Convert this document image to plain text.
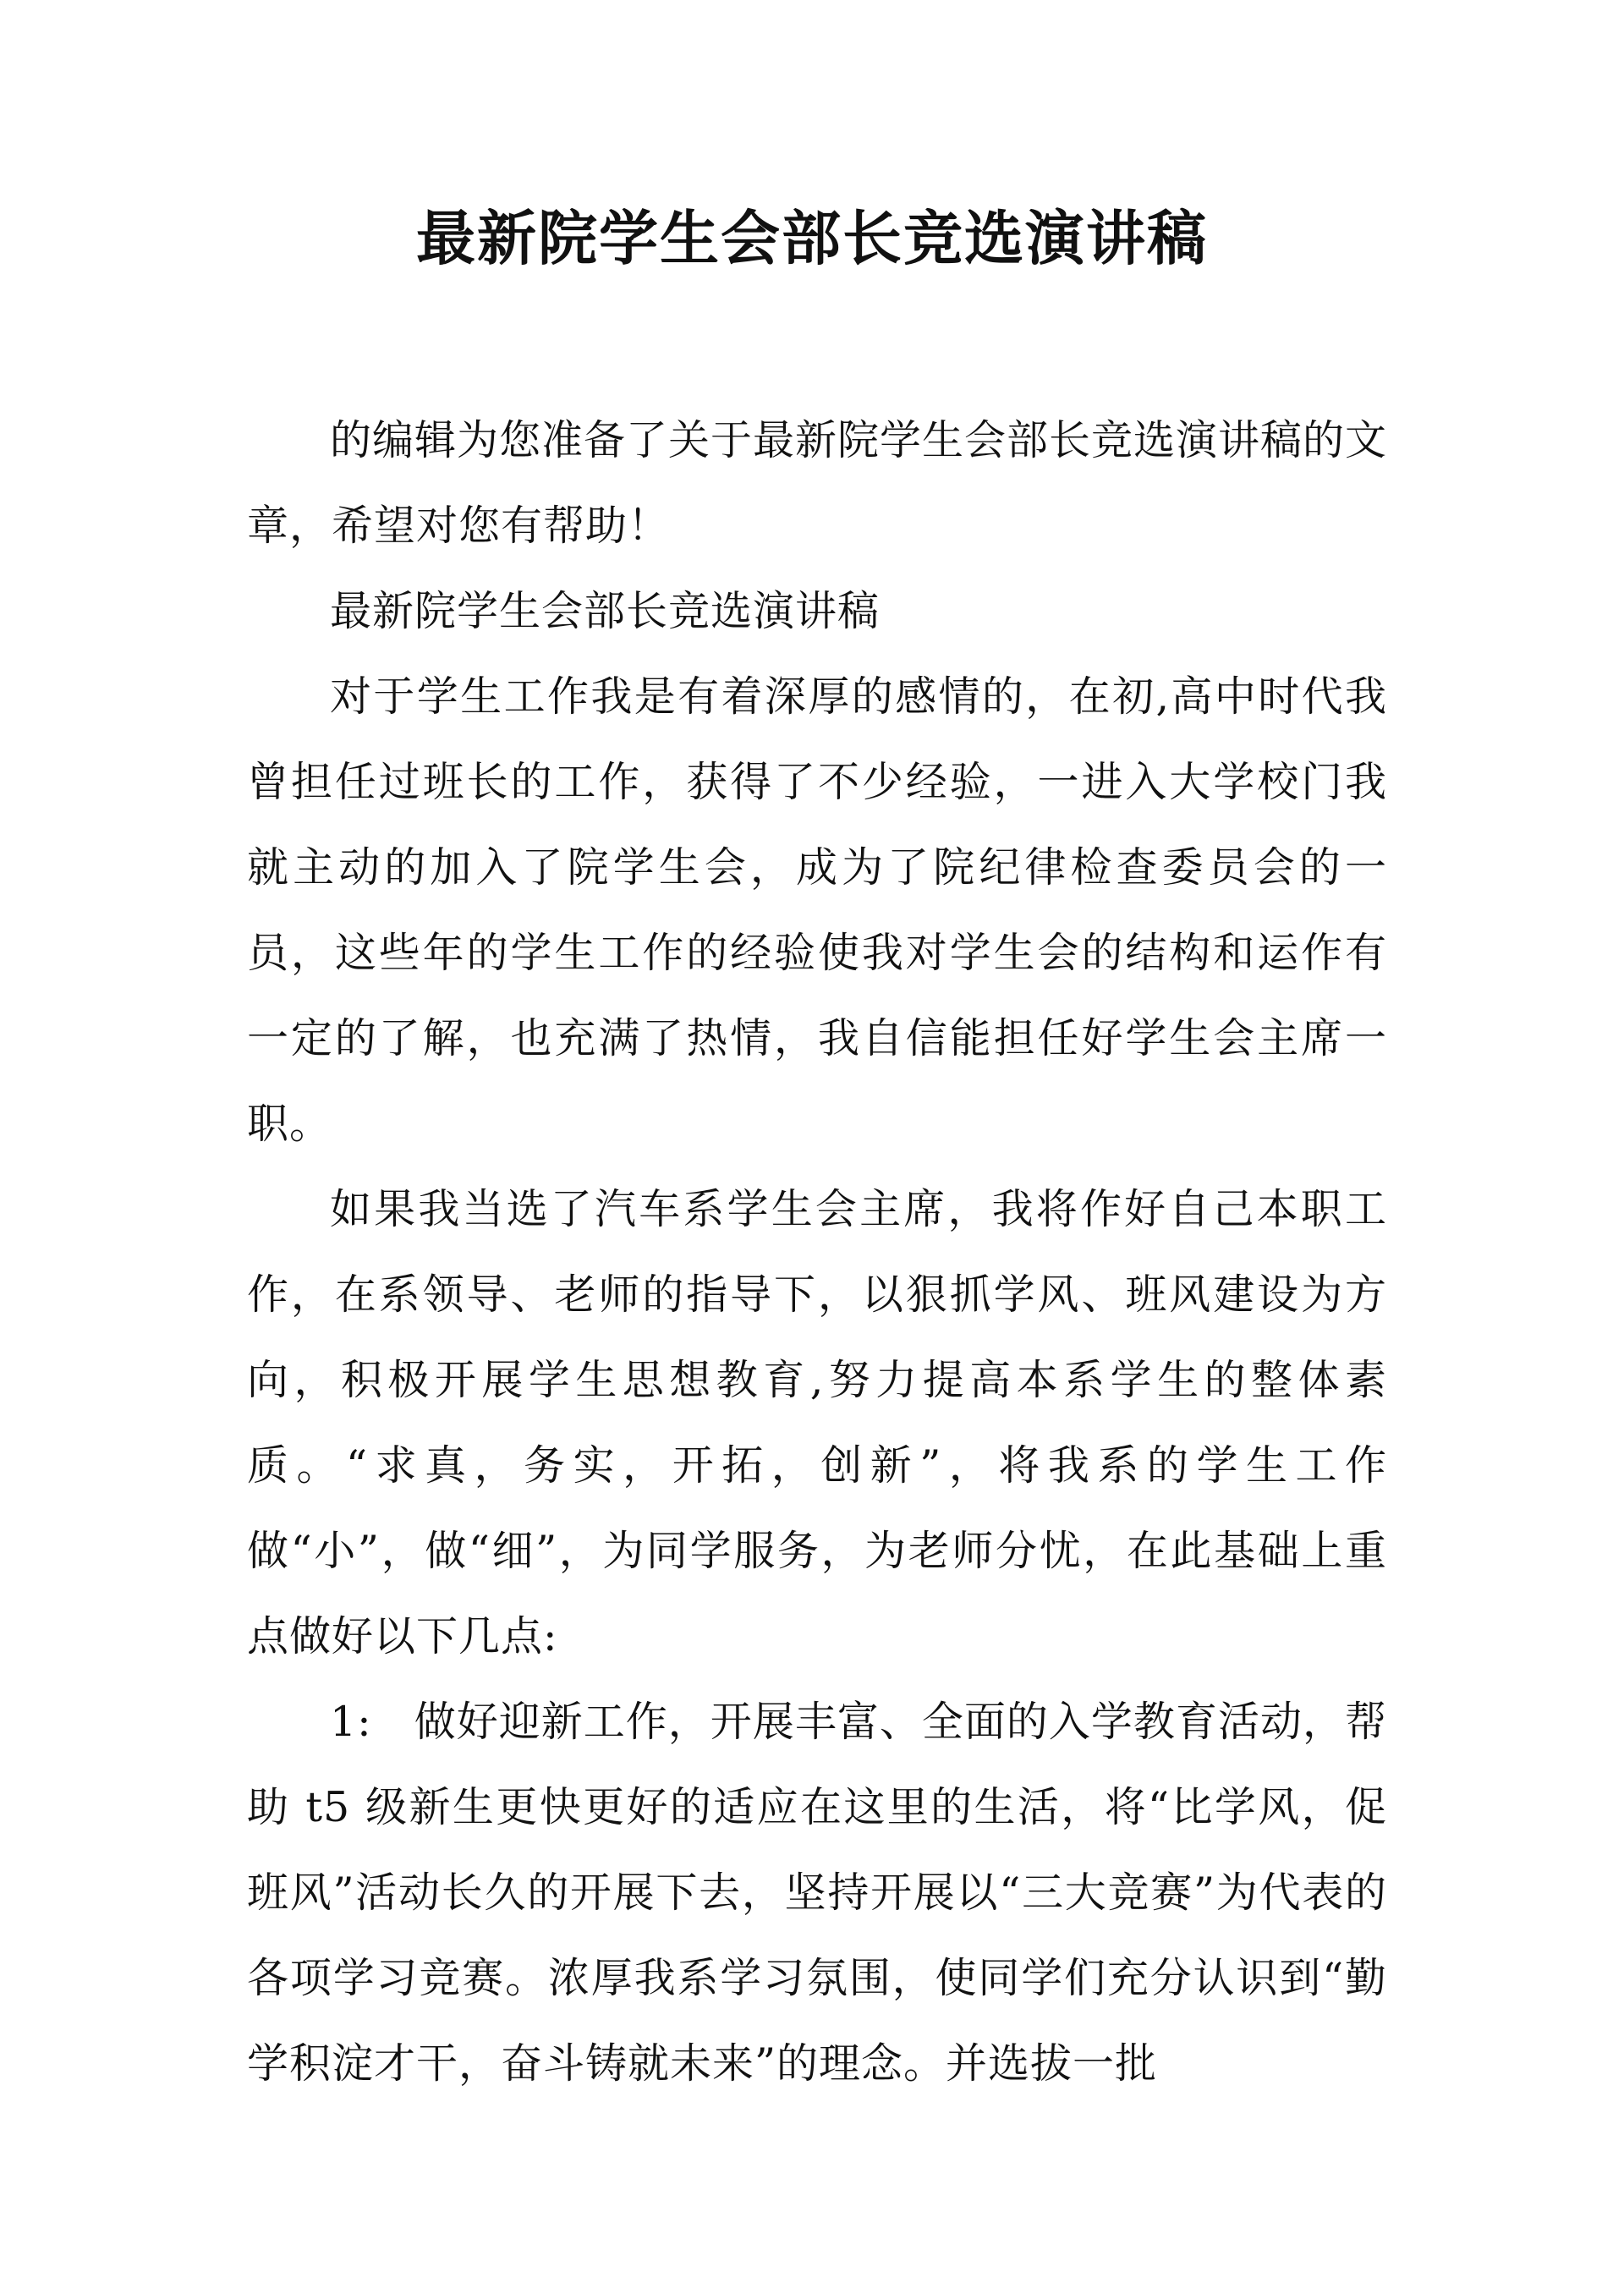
最新院学生会部长竞选演讲稿

的编辑为您准备了关于最新院学生会部长竞选演讲稿的文章，希望对您有帮助！

最新院学生会部长竞选演讲稿

对于学生工作我是有着深厚的感情的，在初,高中时代我曾担任过班长的工作，获得了不少经验，一进入大学校门我就主动的加入了院学生会，成为了院纪律检查委员会的一员，这些年的学生工作的经验使我对学生会的结构和运作有一定的了解，也充满了热情，我自信能担任好学生会主席一职。

如果我当选了汽车系学生会主席，我将作好自己本职工作，在系领导、老师的指导下，以狠抓学风、班风建设为方向，积极开展学生思想教育,努力提高本系学生的整体素质。“求真，务实，开拓，创新”，将我系的学生工作做“小”，做“细”，为同学服务，为老师分忧，在此基础上重点做好以下几点:

1:　做好迎新工作，开展丰富、全面的入学教育活动，帮助 t5 级新生更快更好的适应在这里的生活，将“比学风，促班风”活动长久的开展下去，坚持开展以“三大竞赛”为代表的各项学习竞赛。浓厚我系学习氛围，使同学们充分认识到“勤学积淀才干，奋斗铸就未来”的理念。并选拔一批
